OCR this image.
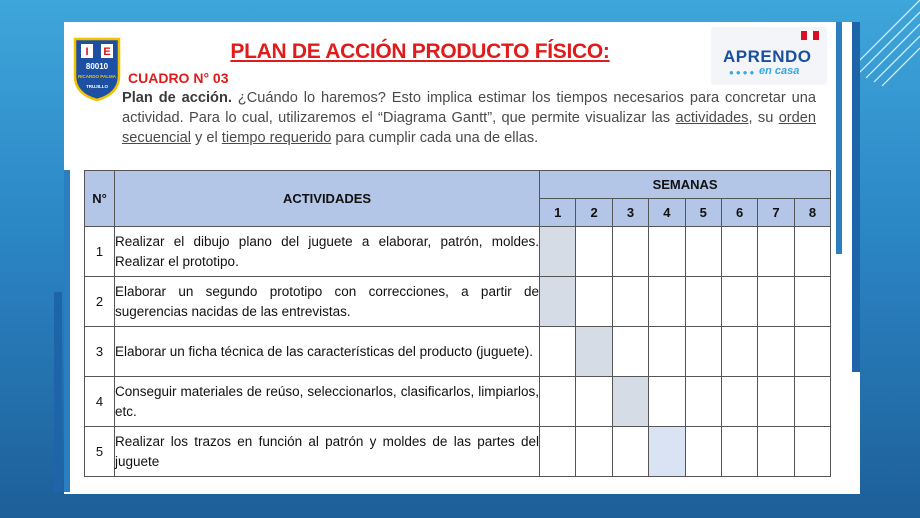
I E
80010
RICARDO PALMA
TRUJILLO
APRENDO
●●●● en casa
PLAN DE ACCIÓN PRODUCTO FÍSICO:
CUADRO N° 03
Plan de acción. ¿Cuándo lo haremos? Esto implica estimar los tiempos necesarios para concretar una actividad. Para lo cual, utilizaremos el “Diagrama Gantt”, que permite visualizar las actividades, su orden secuencial y el tiempo requerido para cumplir cada una de ellas.
N°	ACTIVIDADES	SEMANAS							
		1	2	3	4	5	6	7	8
1	Realizar el dibujo plano del juguete a elaborar, patrón, moldes. Realizar el prototipo.								
2	Elaborar un segundo prototipo con correcciones, a partir de sugerencias nacidas de las entrevistas.								
3	Elaborar un ficha técnica de las características del producto (juguete).								
4	Conseguir materiales de reúso, seleccionarlos, clasificarlos, limpiarlos, etc.								
5	Realizar los trazos en función al patrón y moldes de las partes del juguete								
